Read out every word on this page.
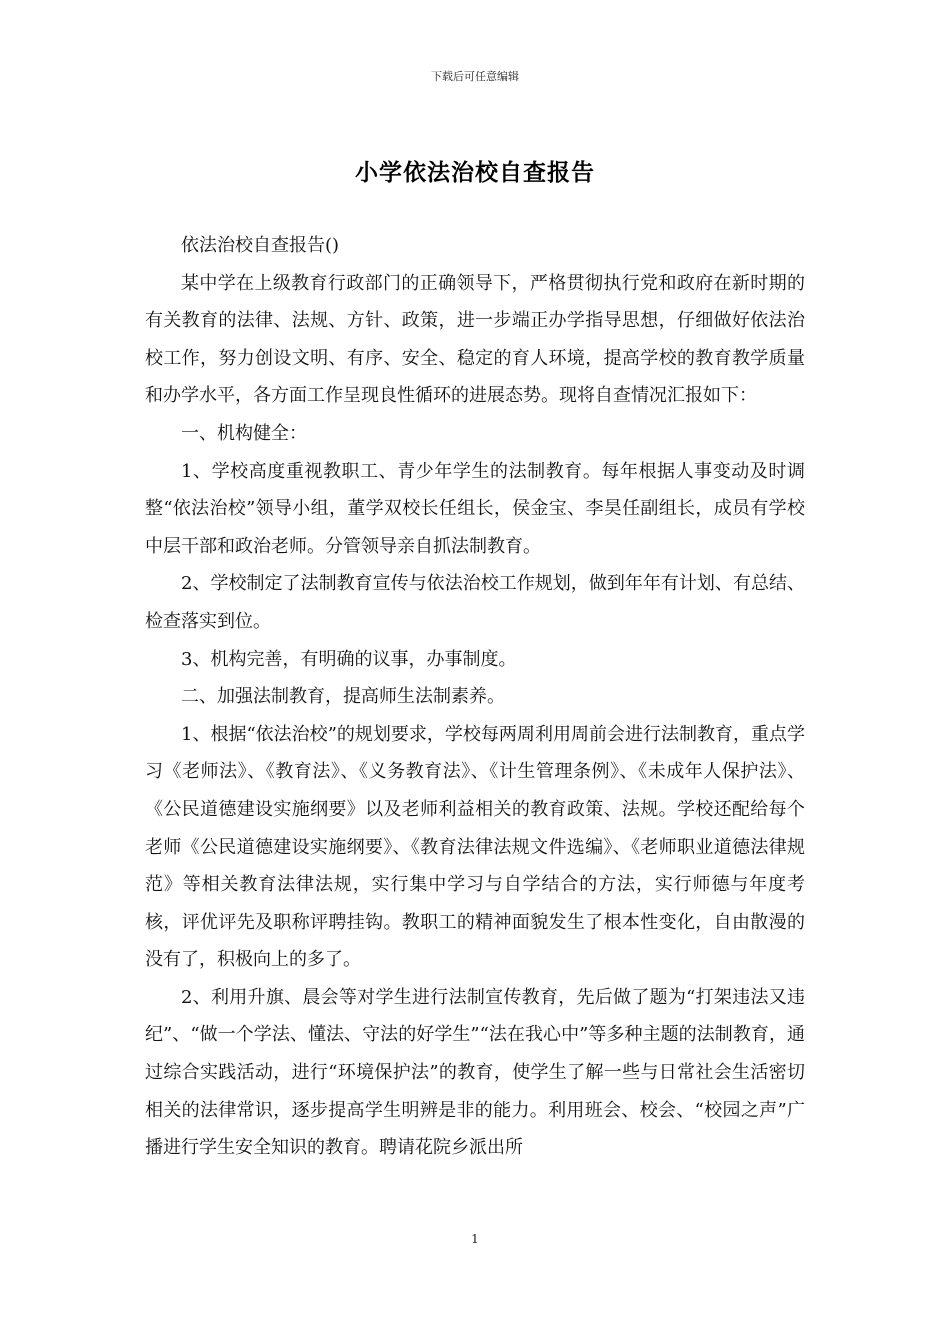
下载后可任意编辑
小学依法治校自查报告

依法治校自查报告()

某中学在上级教育行政部门的正确领导下，严格贯彻执行党和政府在新时期的有关教育的法律、法规、方针、政策，进一步端正办学指导思想，仔细做好依法治校工作，努力创设文明、有序、安全、稳定的育人环境，提高学校的教育教学质量和办学水平，各方面工作呈现良性循环的进展态势。现将自查情况汇报如下：

一、机构健全：

1、学校高度重视教职工、青少年学生的法制教育。每年根据人事变动及时调整“依法治校”领导小组，董学双校长任组长，侯金宝、李昊任副组长，成员有学校中层干部和政治老师。分管领导亲自抓法制教育。

2、学校制定了法制教育宣传与依法治校工作规划，做到年年有计划、有总结、检查落实到位。

3、机构完善，有明确的议事，办事制度。

二、加强法制教育，提高师生法制素养。

1、根据“依法治校”的规划要求，学校每两周利用周前会进行法制教育，重点学习《老师法》、《教育法》、《义务教育法》、《计生管理条例》、《未成年人保护法》、《公民道德建设实施纲要》以及老师利益相关的教育政策、法规。学校还配给每个老师《公民道德建设实施纲要》、《教育法律法规文件选编》、《老师职业道德法律规范》等相关教育法律法规，实行集中学习与自学结合的方法，实行师德与年度考核，评优评先及职称评聘挂钩。教职工的精神面貌发生了根本性变化，自由散漫的没有了，积极向上的多了。

2、利用升旗、晨会等对学生进行法制宣传教育，先后做了题为“打架违法又违纪”、“做一个学法、懂法、守法的好学生”“法在我心中”等多种主题的法制教育，通过综合实践活动，进行“环境保护法”的教育，使学生了解一些与日常社会生活密切相关的法律常识，逐步提高学生明辨是非的能力。利用班会、校会、“校园之声”广播进行学生安全知识的教育。聘请花院乡派出所

1
